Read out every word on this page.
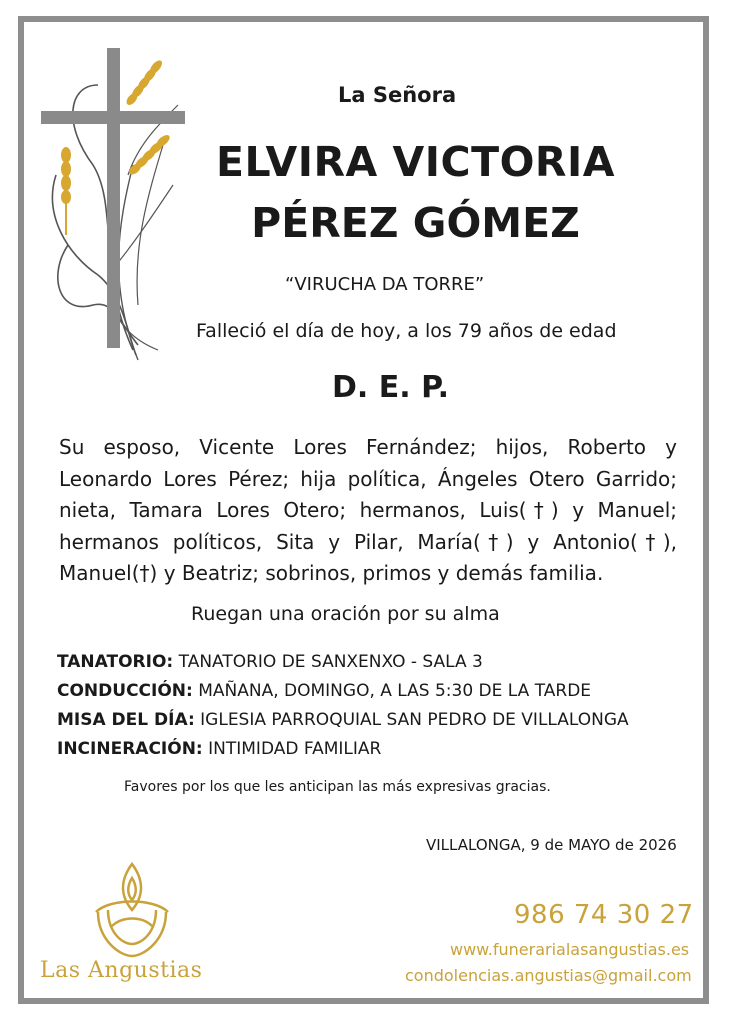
La Señora
ELVIRA VICTORIA
PÉREZ GÓMEZ
“VIRUCHA DA TORRE”
Falleció el día de hoy, a los 79 años de edad
D. E. P.
Su esposo, Vicente Lores Fernández; hijos, Roberto y Leonardo Lores Pérez; hija política, Ángeles Otero Garrido; nieta, Tamara Lores Otero; hermanos, Luis(†) y Manuel; hermanos políticos, Sita y Pilar, María(†) y Antonio(†), Manuel(†) y Beatriz; sobrinos, primos y demás familia.
Ruegan una oración por su alma
TANATORIO: TANATORIO DE SANXENXO - SALA 3
CONDUCCIÓN: MAÑANA, DOMINGO, A LAS 5:30 DE LA TARDE
MISA DEL DÍA: IGLESIA PARROQUIAL SAN PEDRO DE VILLALONGA
INCINERACIÓN: INTIMIDAD FAMILIAR
Favores por los que les anticipan las más expresivas gracias.
VILLALONGA, 9 de MAYO de 2026
Las Angustias
986 74 30 27
www.funerarialasangustias.es
condolencias.angustias@gmail.com
